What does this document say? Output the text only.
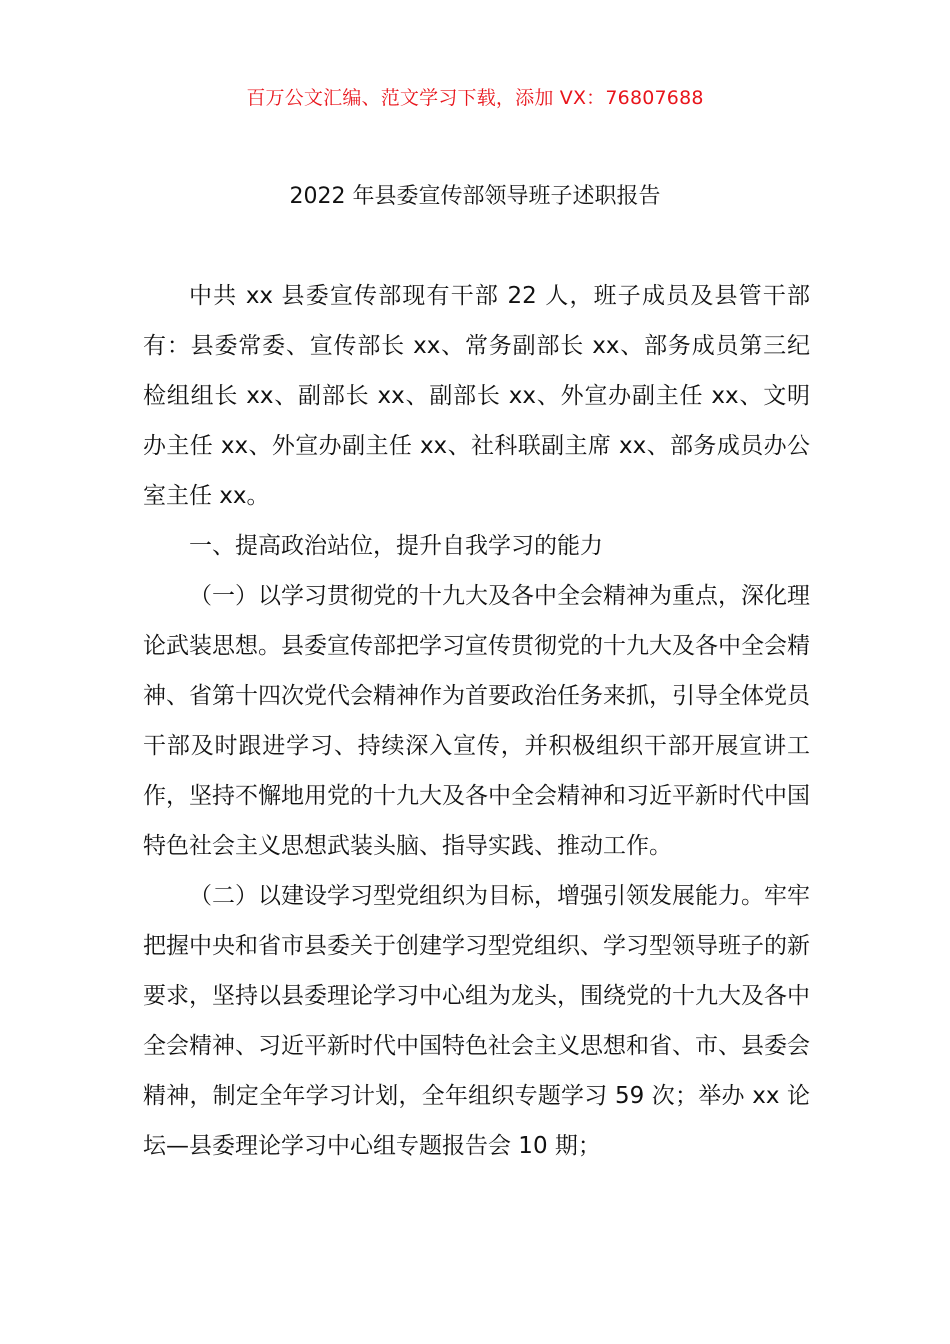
百万公文汇编、范文学习下载，添加 VX：76807688
2022 年县委宣传部领导班子述职报告

中共 xx 县委宣传部现有干部 22 人，班子成员及县管干部有：县委常委、宣传部长 xx、常务副部长 xx、部务成员第三纪检组组长 xx、副部长 xx、副部长 xx、外宣办副主任 xx、文明办主任 xx、外宣办副主任 xx、社科联副主席 xx、部务成员办公室主任 xx。

一、提高政治站位，提升自我学习的能力

（一）以学习贯彻党的十九大及各中全会精神为重点，深化理论武装思想。县委宣传部把学习宣传贯彻党的十九大及各中全会精神、省第十四次党代会精神作为首要政治任务来抓，引导全体党员干部及时跟进学习、持续深入宣传，并积极组织干部开展宣讲工作，坚持不懈地用党的十九大及各中全会精神和习近平新时代中国特色社会主义思想武装头脑、指导实践、推动工作。

（二）以建设学习型党组织为目标，增强引领发展能力。牢牢把握中央和省市县委关于创建学习型党组织、学习型领导班子的新要求，坚持以县委理论学习中心组为龙头，围绕党的十九大及各中全会精神、习近平新时代中国特色社会主义思想和省、市、县委会精神，制定全年学习计划，全年组织专题学习 59 次；举办 xx 论坛—县委理论学习中心组专题报告会 10 期；
